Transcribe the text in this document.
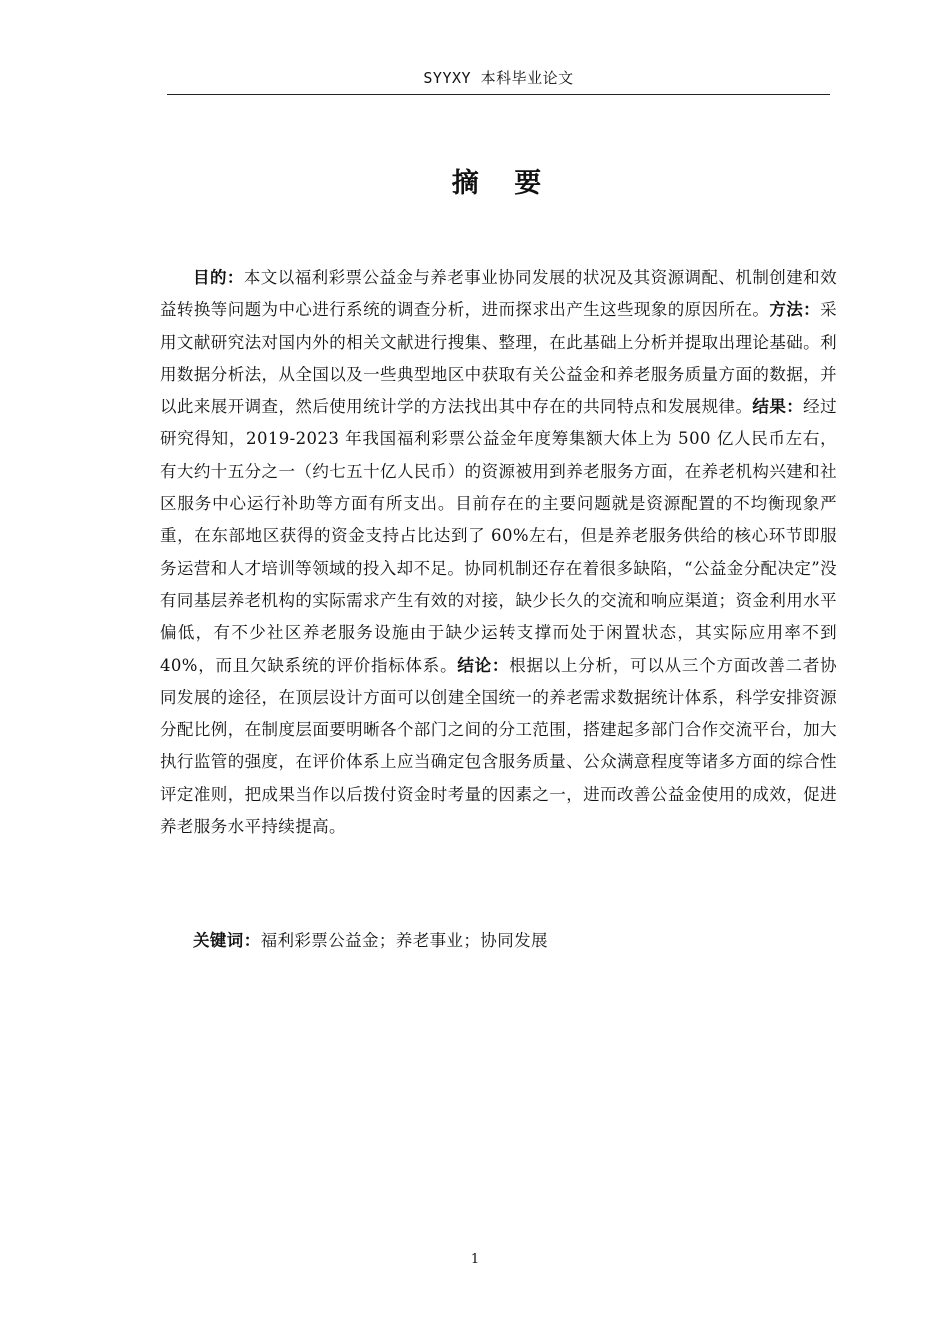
SYYXY 本科毕业论文
摘 要

目的：本文以福利彩票公益金与养老事业协同发展的状况及其资源调配、机制创建和效益转换等问题为中心进行系统的调查分析，进而探求出产生这些现象的原因所在。方法：采用文献研究法对国内外的相关文献进行搜集、整理，在此基础上分析并提取出理论基础。利用数据分析法，从全国以及一些典型地区中获取有关公益金和养老服务质量方面的数据，并以此来展开调查，然后使用统计学的方法找出其中存在的共同特点和发展规律。结果：经过研究得知，2019-2023 年我国福利彩票公益金年度筹集额大体上为 500 亿人民币左右，有大约十五分之一（约七五十亿人民币）的资源被用到养老服务方面，在养老机构兴建和社区服务中心运行补助等方面有所支出。目前存在的主要问题就是资源配置的不均衡现象严重，在东部地区获得的资金支持占比达到了 60%左右，但是养老服务供给的核心环节即服务运营和人才培训等领域的投入却不足。协同机制还存在着很多缺陷，“公益金分配决定”没有同基层养老机构的实际需求产生有效的对接，缺少长久的交流和响应渠道；资金利用水平偏低，有不少社区养老服务设施由于缺少运转支撑而处于闲置状态，其实际应用率不到 40%，而且欠缺系统的评价指标体系。结论：根据以上分析，可以从三个方面改善二者协同发展的途径，在顶层设计方面可以创建全国统一的养老需求数据统计体系，科学安排资源分配比例，在制度层面要明晰各个部门之间的分工范围，搭建起多部门合作交流平台，加大执行监管的强度，在评价体系上应当确定包含服务质量、公众满意程度等诸多方面的综合性评定准则，把成果当作以后拨付资金时考量的因素之一，进而改善公益金使用的成效，促进养老服务水平持续提高。

关键词：福利彩票公益金；养老事业；协同发展

1
